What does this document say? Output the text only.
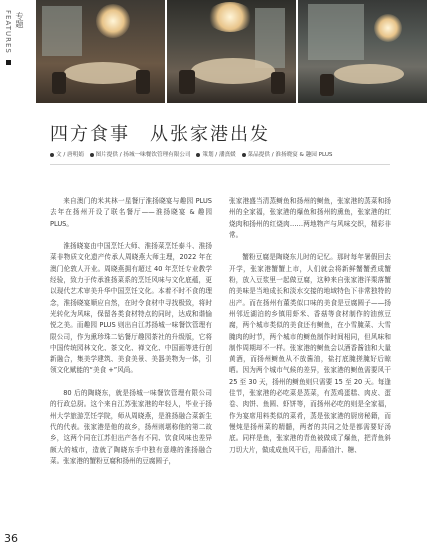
FEATURES 专题
四方食事　从张家港出发
文 / 唐明娟 图片提供 / 扬城一味餐饮管理有限公司 策划 / 潘熹媛 菜品提供 / 淮扬晓宴 & 趣园 PLUS

来自澳门的米其林一星餐厅淮扬晓宴与趣园 PLUS 去年在扬州开设了联名餐厅——淮扬晓宴 & 趣园 PLUS。

淮扬晓宴由中国烹饪大师、淮扬菜烹饪泰斗、淮扬菜非物质文化遗产传承人周晓燕大师主理，2022 年在澳门伦敦人开业。周晓燕拥有超过 40 年烹饪专业教学经验，致力于传承淮扬菜系的烹饪风味与文化底蕴，更以现代艺术审美升华中国烹饪文化。本着不时不食的理念，淮扬晓宴顺应自然，在时令食材中寻找极致，将时光转化为风味，保留各类食材特点的同时，达成和谐愉悦之美。而趣园 PLUS 则出自江苏扬城一味餐饮管理有限公司，作为熏珍珠二钻餐厅趣园茶社的升级版，它将中国传统园林文化、茶文化、禅文化、中国画等进行创新融合，集美学建筑、美食美景、美器美物为一体，引领文化赋能的“美食 +”风尚。

80 后的陶晓东，就是扬城一味餐饮管理有限公司的行政总厨。这个来自江苏张家港的年轻人，毕业于扬州大学旅游烹饪学院，师从周晓燕，是淮扬融合菜新生代的代表。张家港是他的故乡，扬州则堪称他的第二故乡，这两个同在江苏但出产各有不同、饮食风味也差异颇大的城市，造就了陶晓东手中独有意趣的淮扬融合菜。张家港的蟹粉豆腐和扬州的豆腐圆子，

张家港盛当清蒸鲥鱼和扬州的鲥鱼，张家港的蒸菜和扬州的全家福，张家港的爆鱼和扬州的熏鱼，张家港的红烧肉和扬州的红烧肉……两地物产与风味交织，精彩非常。

蟹粉豆腐是陶晓东儿时的记忆。那时每年暑假回去开学，张家港蟹蟹上市，人们就会将新鲜蟹蟹煮成蟹粉，放入豆浆里一起做豆腐，这种来自张家港洋栗落蟹的美味是当地成长和淡水交接的地域特色下非常独特的出产。而在扬州有董类似口味的美食是豆腐圆子——扬州邻近湖泊的乡镇用虾米、香菇等食材制作的油煎豆腐，两个城市类似的美食还有鲥鱼，在小雪腌菜、大雪腌肉的时节，两个城市的鲥鱼制作时间相同，但风味和制作周期却不一样。张家港的鲥鱼会以酒香酱油和大量黄酒，而扬州鲥鱼从不放酱油，盐打底腌搓腌好后晾晒。因为两个城市气候的差异，张家港的鲥鱼需要风干 25 至 30 天，扬州的鲥鱼则只需要 15 至 20 天。每逢佳节，张家港的必吃菜是蒸菜，有蒸鸡蛋糕、肉皮、蛋卷、肉饼、鱼圆、虾饼等，而扬州必吃的则是全家福，作为宴席用料类似的菜肴，蒸是张家港的厨房秘籍，而慢炖是扬州菜的精髓，两者的共同之处是都需要好汤底。同样是鱼，张家港的青鱼被做成了爆鱼，把青鱼斜刀切大片，做成成鱼风干后，用番油汁、糖、

36
